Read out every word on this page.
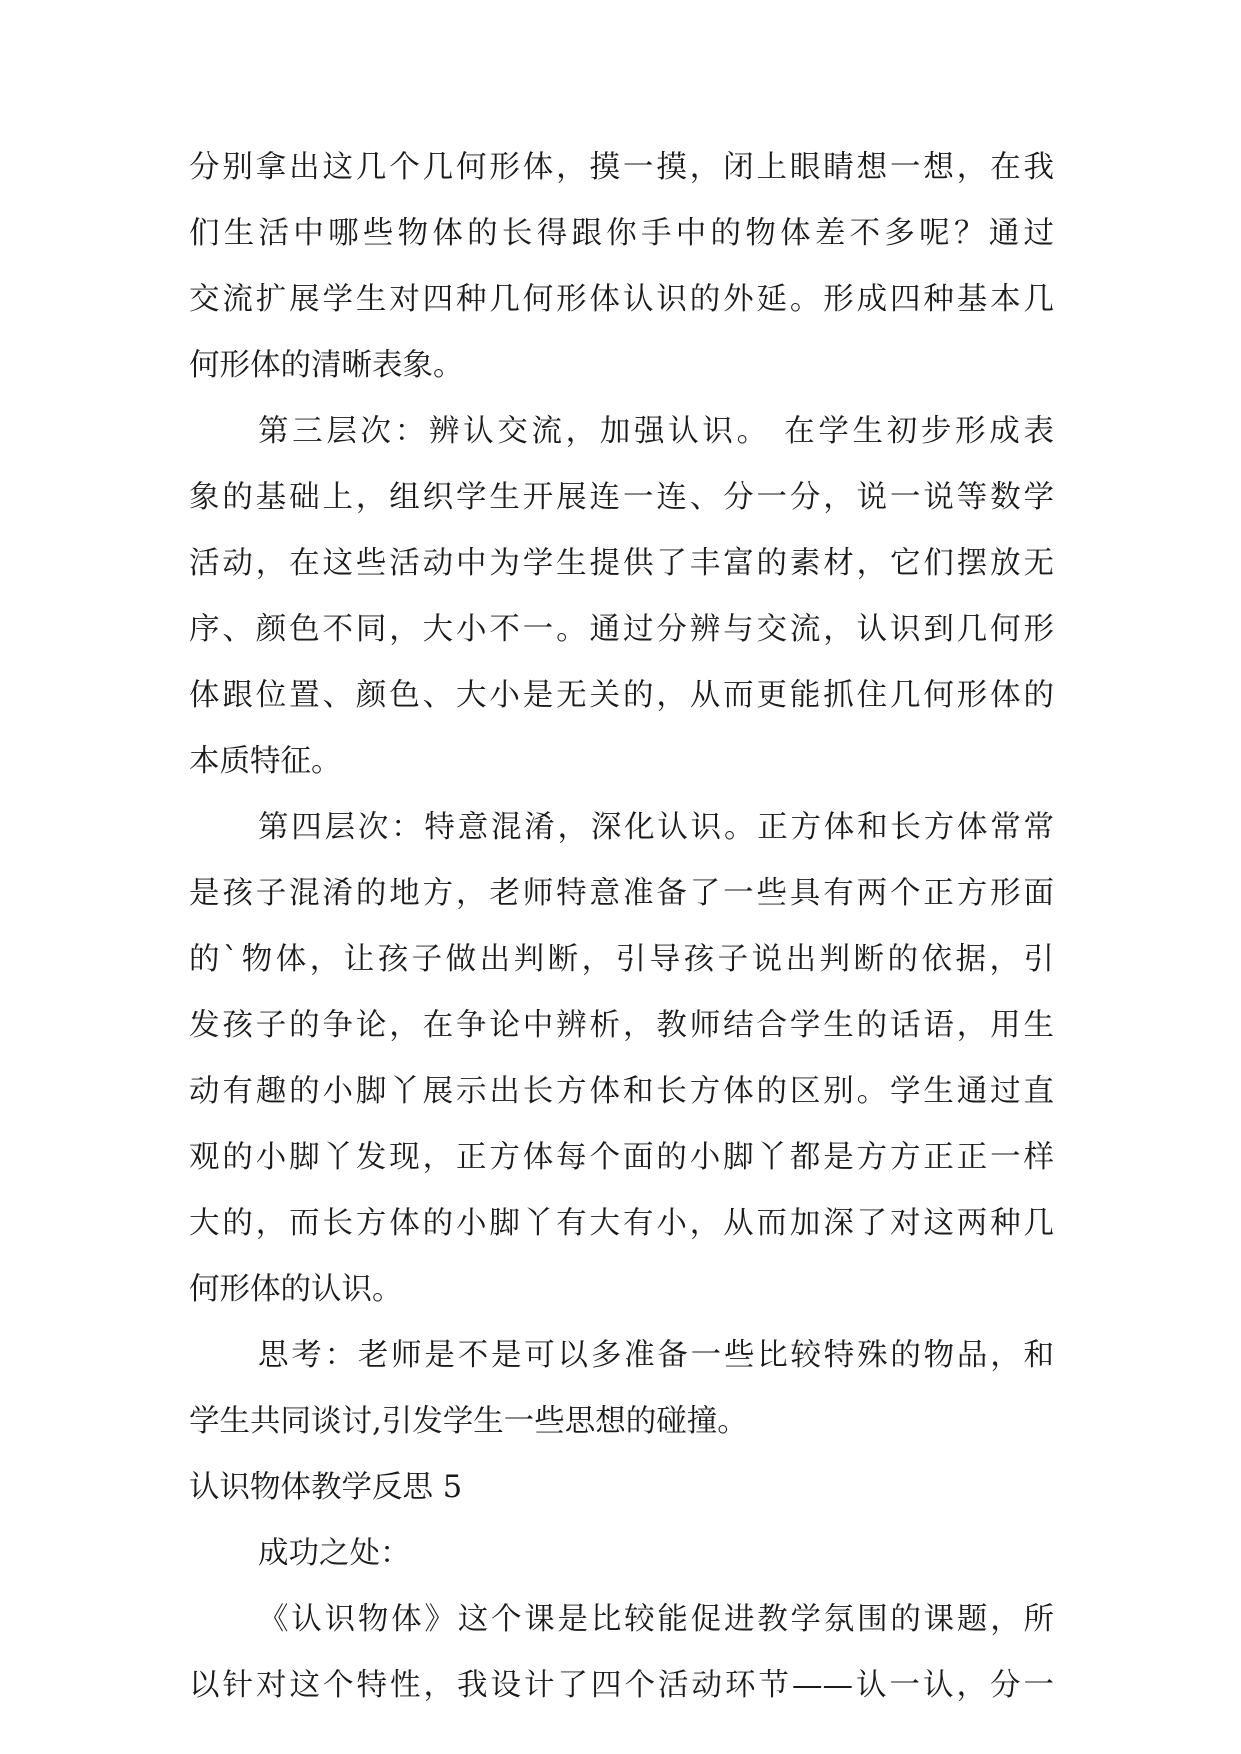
分别拿出这几个几何形体，摸一摸，闭上眼睛想一想，在我
们生活中哪些物体的长得跟你手中的物体差不多呢？通过
交流扩展学生对四种几何形体认识的外延。形成四种基本几
何形体的清晰表象。
第三层次：辨认交流，加强认识。 在学生初步形成表
象的基础上，组织学生开展连一连、分一分，说一说等数学
活动，在这些活动中为学生提供了丰富的素材，它们摆放无
序、颜色不同，大小不一。通过分辨与交流，认识到几何形
体跟位置、颜色、大小是无关的，从而更能抓住几何形体的
本质特征。
第四层次：特意混淆，深化认识。正方体和长方体常常
是孩子混淆的地方，老师特意准备了一些具有两个正方形面
的`物体，让孩子做出判断，引导孩子说出判断的依据，引
发孩子的争论，在争论中辨析，教师结合学生的话语，用生
动有趣的小脚丫展示出长方体和长方体的区别。学生通过直
观的小脚丫发现，正方体每个面的小脚丫都是方方正正一样
大的，而长方体的小脚丫有大有小，从而加深了对这两种几
何形体的认识。
思考：老师是不是可以多准备一些比较特殊的物品，和
学生共同谈讨,引发学生一些思想的碰撞。
认识物体教学反思 5
成功之处：
《认识物体》这个课是比较能促进教学氛围的课题，所
以针对这个特性，我设计了四个活动环节——认一认，分一
